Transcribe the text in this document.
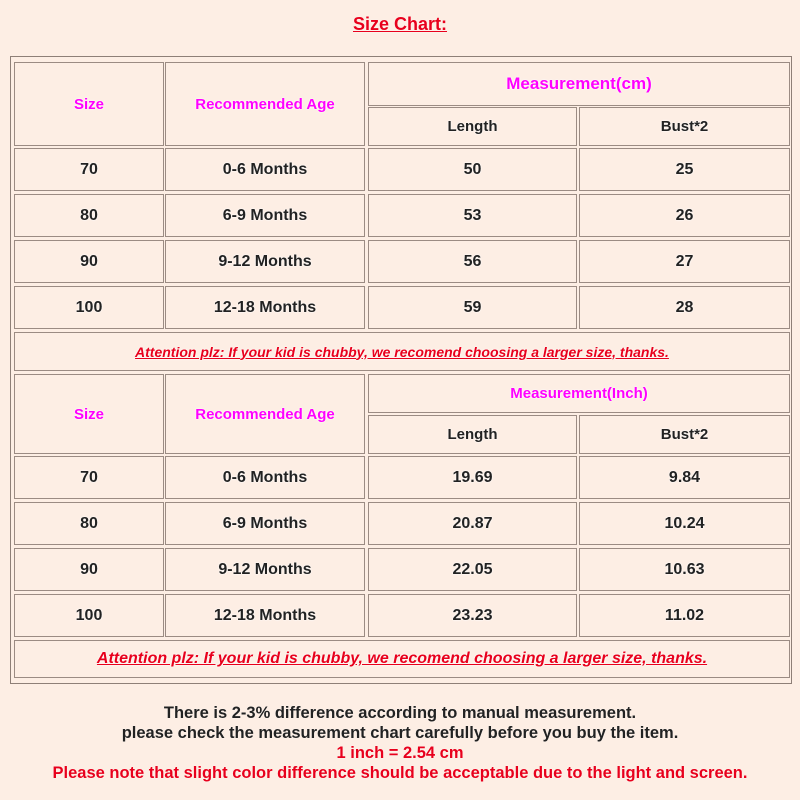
Size Chart:
Size	Recommended Age
Measurement(cm)
Length	Bust*2
70	0-6 Months	50	25
80	6-9 Months	53	26
90	9-12 Months	56	27
100	12-18 Months	59	28
Attention plz: If your kid is chubby, we recomend choosing a larger size, thanks.
Size	Recommended Age
Measurement(Inch)
Length	Bust*2
70	0-6 Months	19.69	9.84
80	6-9 Months	20.87	10.24
90	9-12 Months	22.05	10.63
100	12-18 Months	23.23	11.02
Attention plz: If your kid is chubby, we recomend choosing a larger size, thanks.
There is 2-3% difference according to manual measurement.
please check the measurement chart carefully before you buy the item.
1 inch = 2.54 cm
Please note that slight color difference should be acceptable due to the light and screen.
